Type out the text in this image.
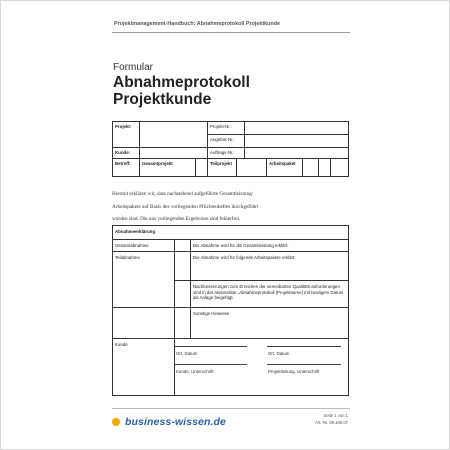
Projektmanagement-Handbuch: Abnahmeprotokoll Projektkunde
Formular
Abnahmeprotokoll
Projektkunde
Projekt:			Projekt-Nr.:						
			Angebot-Nr.:						
Kunde:			Auftrags-Nr.:						
Betreff:	Gesamtprojekt		Teilprojekt			Arbeitspaket			
Hiermit erklären wir, dass nachstehend aufgeführte Gesamtleistung/
Arbeitspakete auf Basis des vorliegenden Pflichtenheftes durchgeführt
worden sind. Die uns vorliegenden Ergebnisse sind fehlerfrei.
Abnahmeerklärung		
Gesamtabnahme		Die Abnahme wird für die Gesamtleistung erklärt.
Teilabnahme		Die Abnahme wird für folgende Arbeitspakete erklärt:
		Nachbesserungen zum Erreichen der vereinbarten Qualitäts-anforderungen sind in der Aktionsliste „Abnahmeprotokoll [Projektname] mit heutigem Datum als Anlage beigefügt.
		Sonstige Hinweise
Kunde		
Ort, Datum	Ort, Datum
Kunde, Unterschrift	Projektleitung, Unterschrift
business-wissen.de
Seite 1 von 1
Art.-Nr. 99.100.07
